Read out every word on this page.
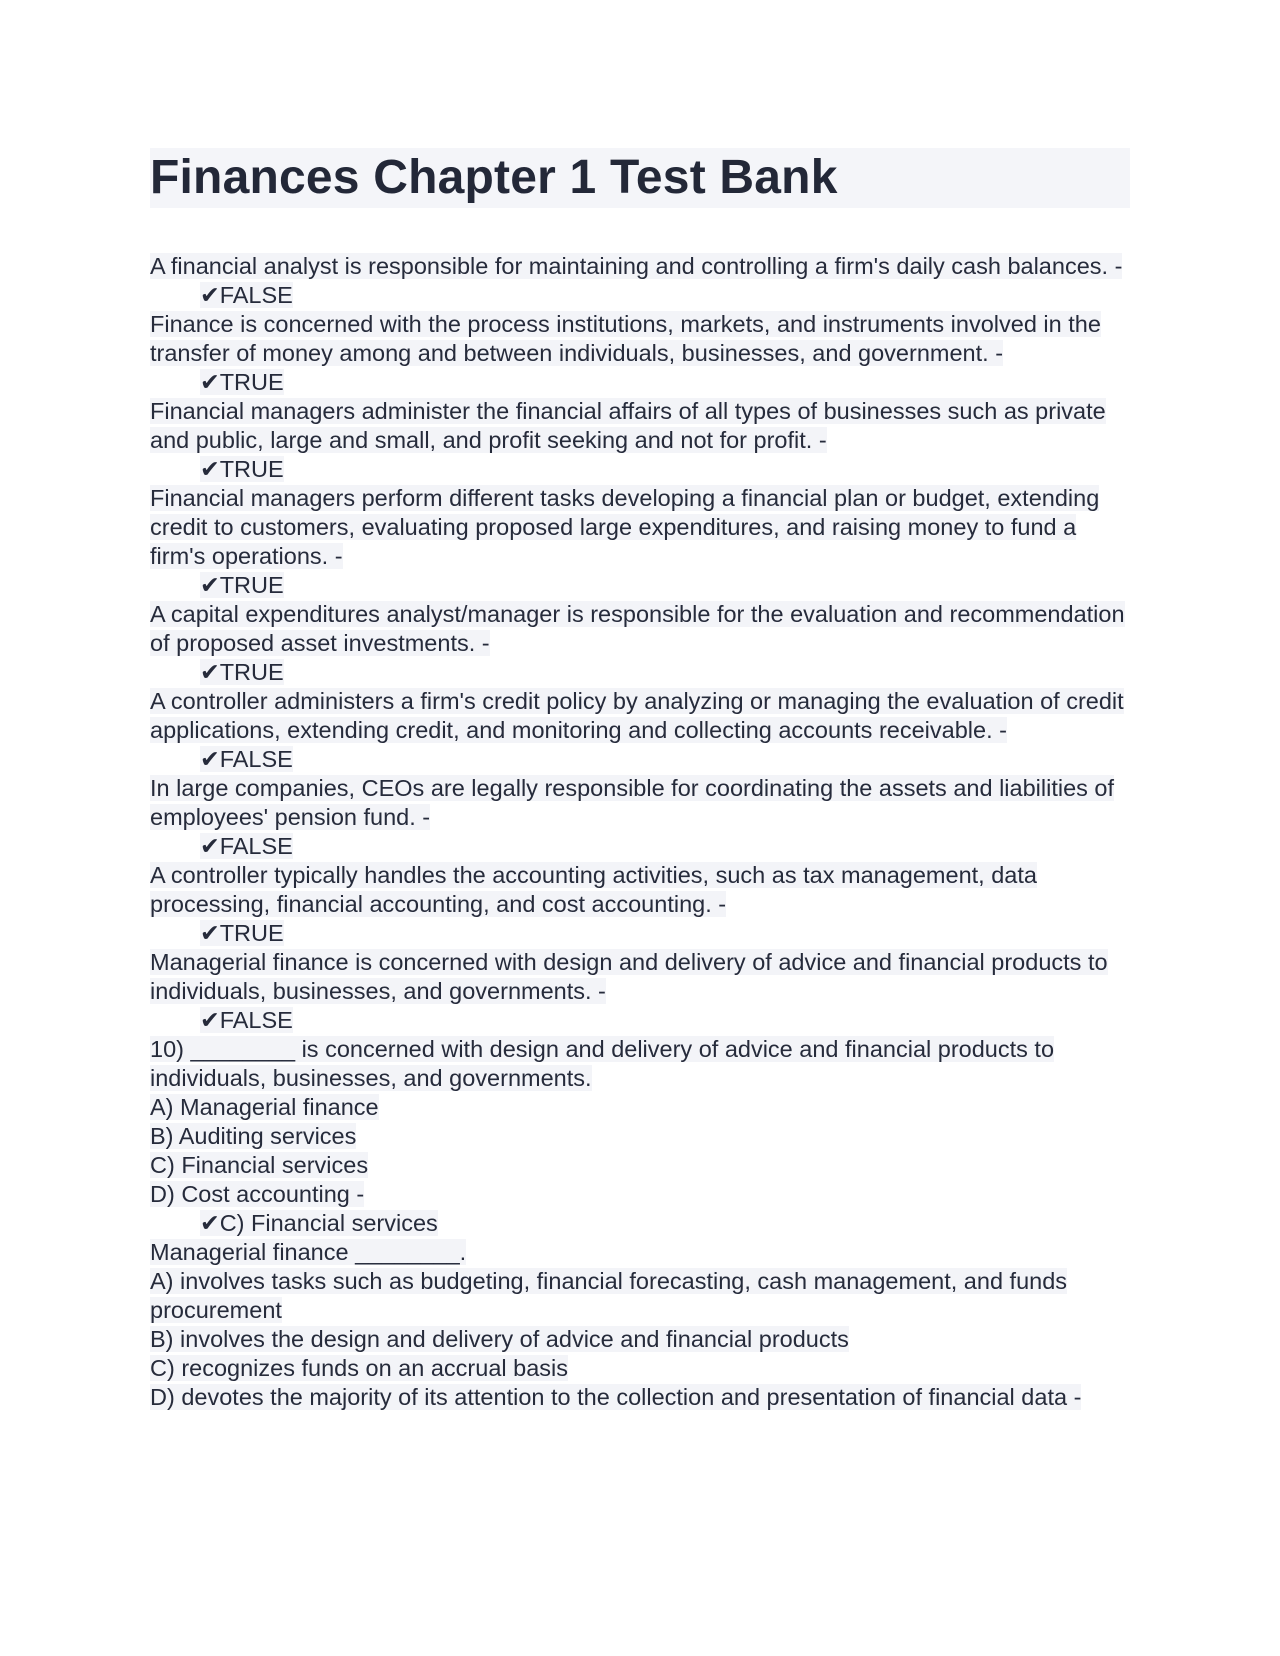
Finances Chapter 1 Test Bank
A financial analyst is responsible for maintaining and controlling a firm's daily cash balances. -
✔FALSE
Finance is concerned with the process institutions, markets, and instruments involved in the transfer of money among and between individuals, businesses, and government. -
✔TRUE
Financial managers administer the financial affairs of all types of businesses such as private and public, large and small, and profit seeking and not for profit. -
✔TRUE
Financial managers perform different tasks developing a financial plan or budget, extending credit to customers, evaluating proposed large expenditures, and raising money to fund a firm's operations. -
✔TRUE
A capital expenditures analyst/manager is responsible for the evaluation and recommendation of proposed asset investments. -
✔TRUE
A controller administers a firm's credit policy by analyzing or managing the evaluation of credit applications, extending credit, and monitoring and collecting accounts receivable. -
✔FALSE
In large companies, CEOs are legally responsible for coordinating the assets and liabilities of employees' pension fund. -
✔FALSE
A controller typically handles the accounting activities, such as tax management, data processing, financial accounting, and cost accounting. -
✔TRUE
Managerial finance is concerned with design and delivery of advice and financial products to individuals, businesses, and governments. -
✔FALSE
10) ________ is concerned with design and delivery of advice and financial products to individuals, businesses, and governments.
A) Managerial finance
B) Auditing services
C) Financial services
D) Cost accounting -
✔C) Financial services
Managerial finance ________.
A) involves tasks such as budgeting, financial forecasting, cash management, and funds procurement
B) involves the design and delivery of advice and financial products
C) recognizes funds on an accrual basis
D) devotes the majority of its attention to the collection and presentation of financial data -
